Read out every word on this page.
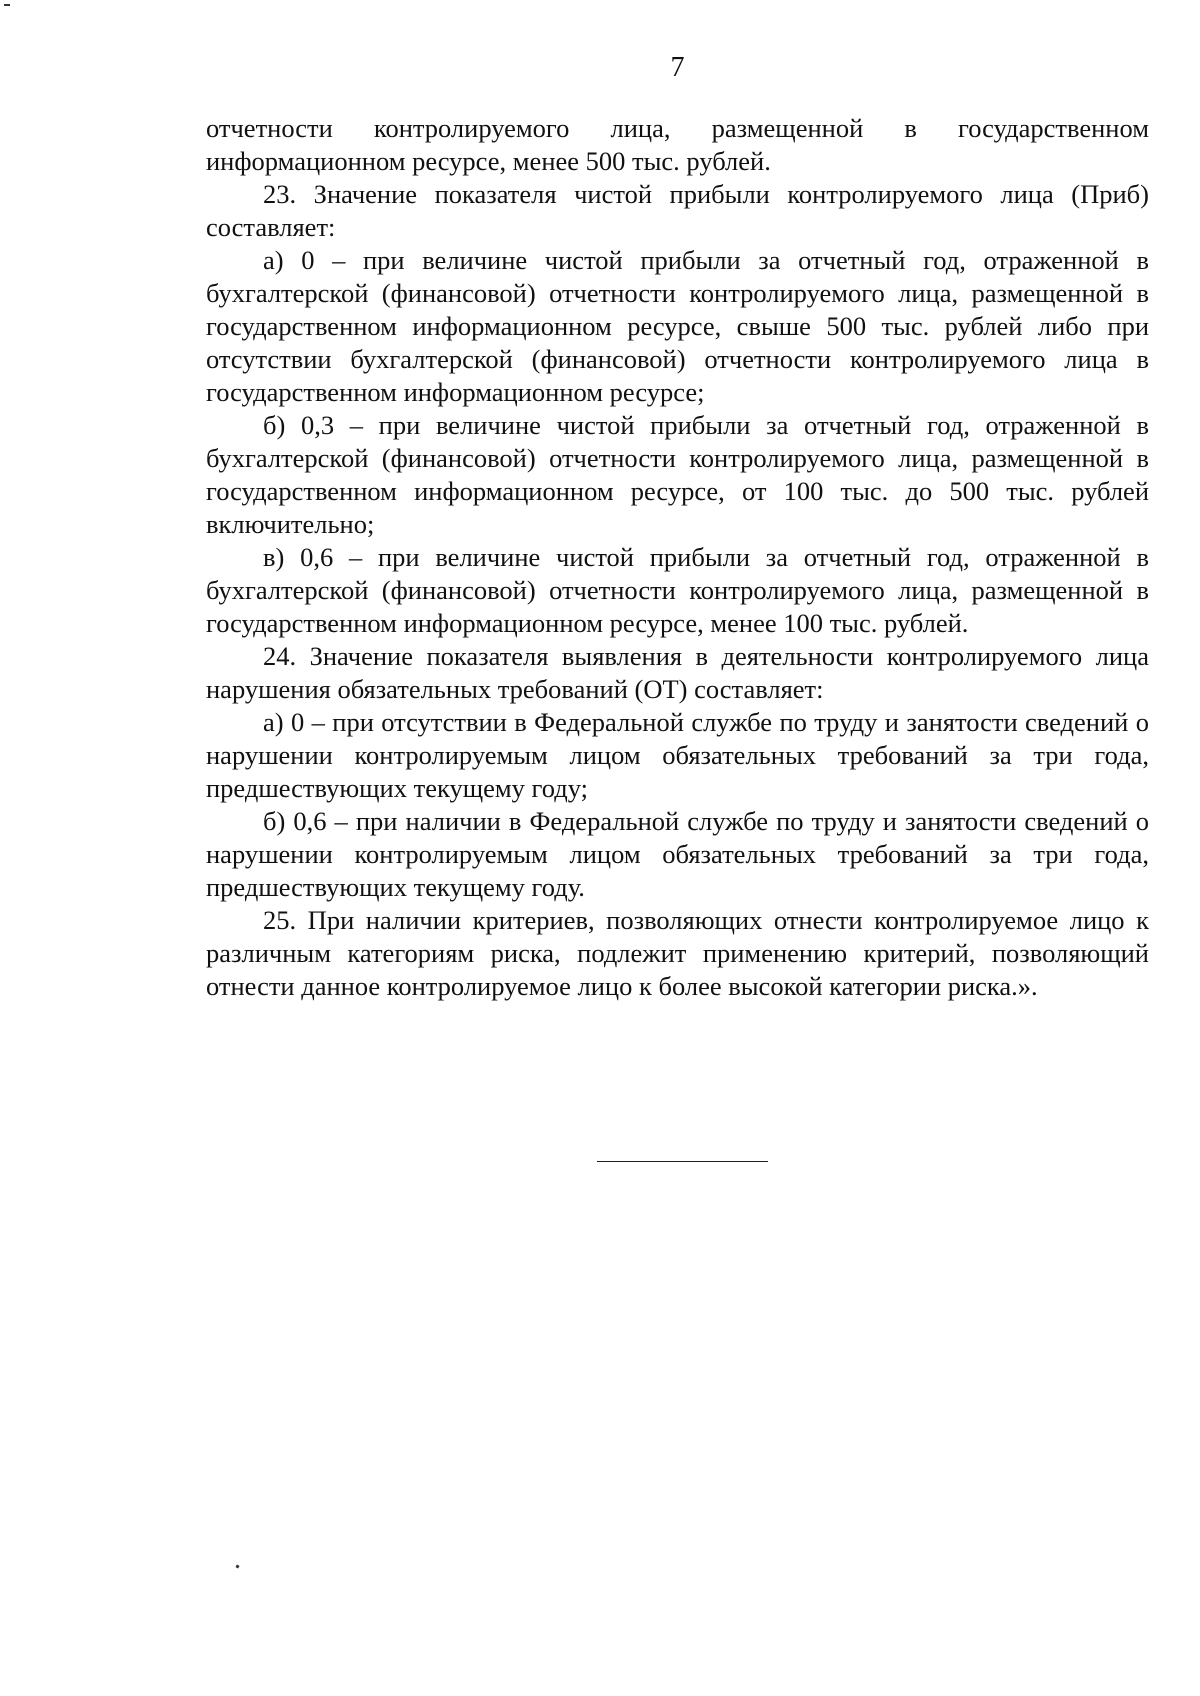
7

отчетности контролируемого лица, размещенной в государственном информационном ресурсе, менее 500 тыс. рублей.

23. Значение показателя чистой прибыли контролируемого лица (Приб) составляет:

а) 0 – при величине чистой прибыли за отчетный год, отраженной в бухгалтерской (финансовой) отчетности контролируемого лица, размещенной в государственном информационном ресурсе, свыше 500 тыс. рублей либо при отсутствии бухгалтерской (финансовой) отчетности контролируемого лица в государственном информационном ресурсе;

б) 0,3 – при величине чистой прибыли за отчетный год, отраженной в бухгалтерской (финансовой) отчетности контролируемого лица, размещенной в государственном информационном ресурсе, от 100 тыс. до 500 тыс. рублей включительно;

в) 0,6 – при величине чистой прибыли за отчетный год, отраженной в бухгалтерской (финансовой) отчетности контролируемого лица, размещенной в государственном информационном ресурсе, менее 100 тыс. рублей.

24. Значение показателя выявления в деятельности контролируемого лица нарушения обязательных требований (ОТ) составляет:

а) 0 – при отсутствии в Федеральной службе по труду и занятости сведений о нарушении контролируемым лицом обязательных требований за три года, предшествующих текущему году;

б) 0,6 – при наличии в Федеральной службе по труду и занятости сведений о нарушении контролируемым лицом обязательных требований за три года, предшествующих текущему году.

25. При наличии критериев, позволяющих отнести контролируемое лицо к различным категориям риска, подлежит применению критерий, позволяющий отнести данное контролируемое лицо к более высокой категории риска.».
